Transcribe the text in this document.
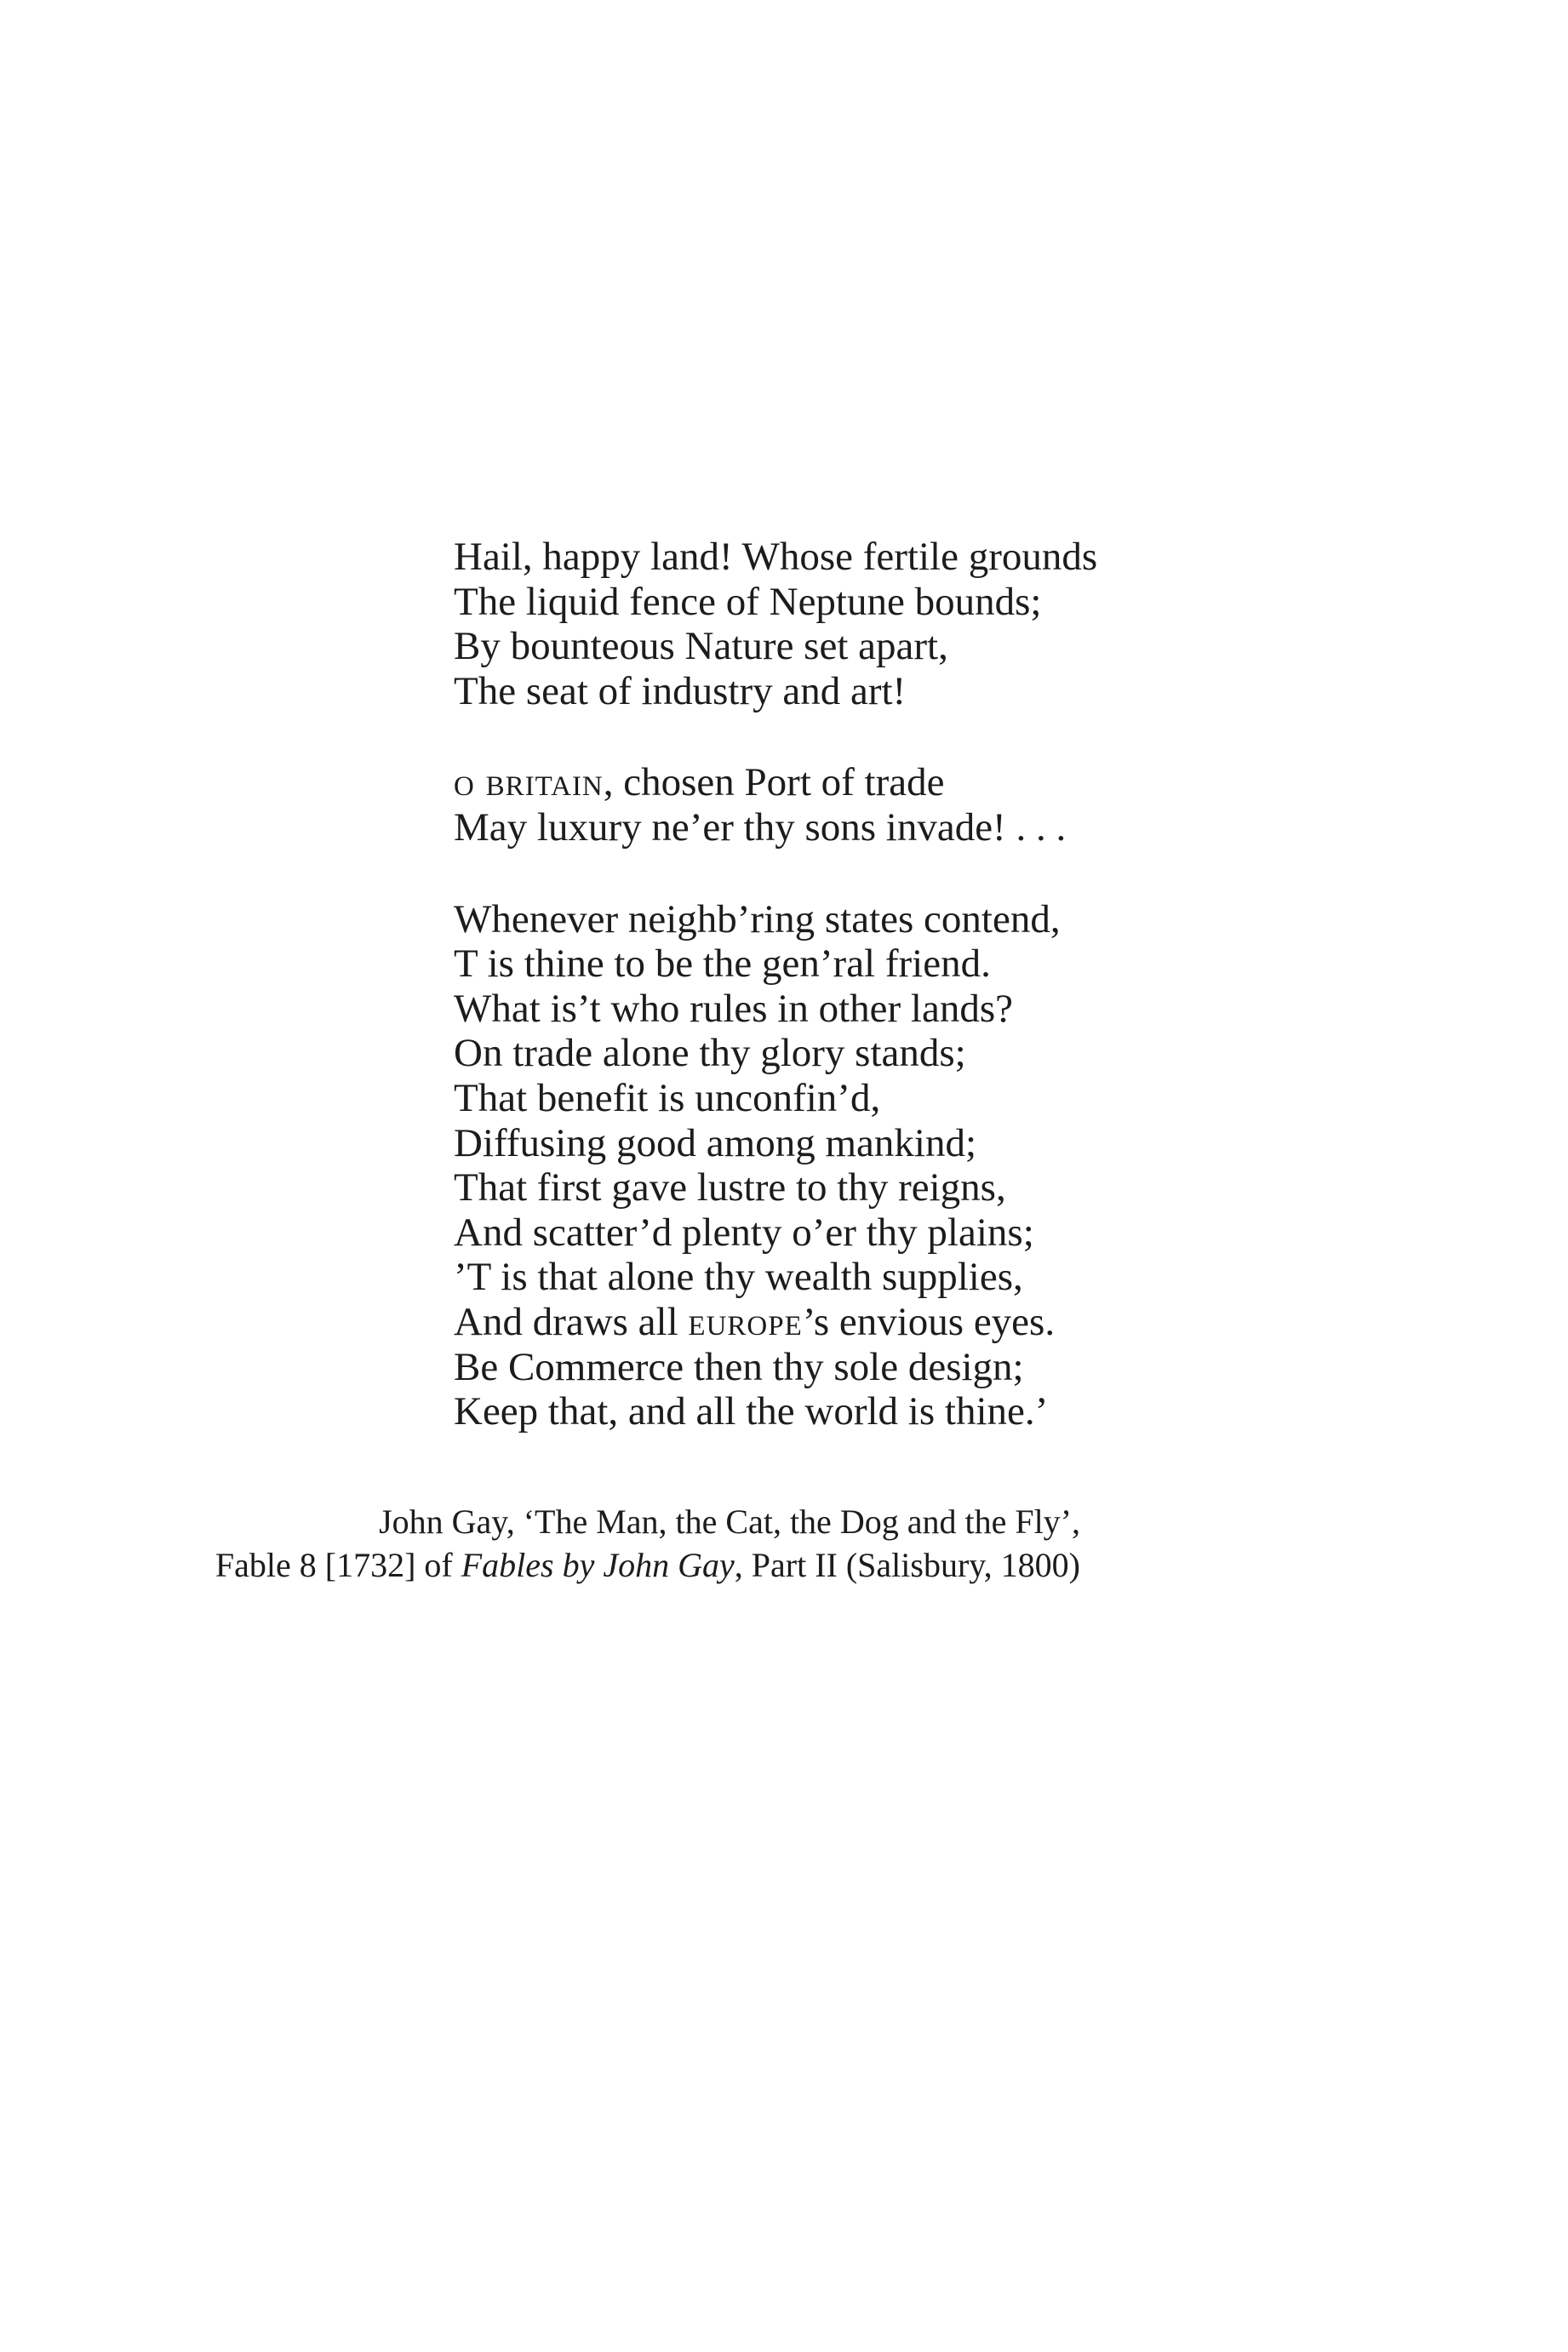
Hail, happy land! Whose fertile grounds
The liquid fence of Neptune bounds;
By bounteous Nature set apart,
The seat of industry and art!
o britain, chosen Port of trade
May luxury ne’er thy sons invade! . . .
Whenever neighb’ring states contend,
T is thine to be the gen’ral friend.
What is’t who rules in other lands?
On trade alone thy glory stands;
That benefit is unconfin’d,
Diffusing good among mankind;
That first gave lustre to thy reigns,
And scatter’d plenty o’er thy plains;
’T is that alone thy wealth supplies,
And draws all europe’s envious eyes.
Be Commerce then thy sole design;
Keep that, and all the world is thine.’
John Gay, ‘The Man, the Cat, the Dog and the Fly’,
Fable 8 [1732] of Fables by John Gay, Part II (Salisbury, 1800)
